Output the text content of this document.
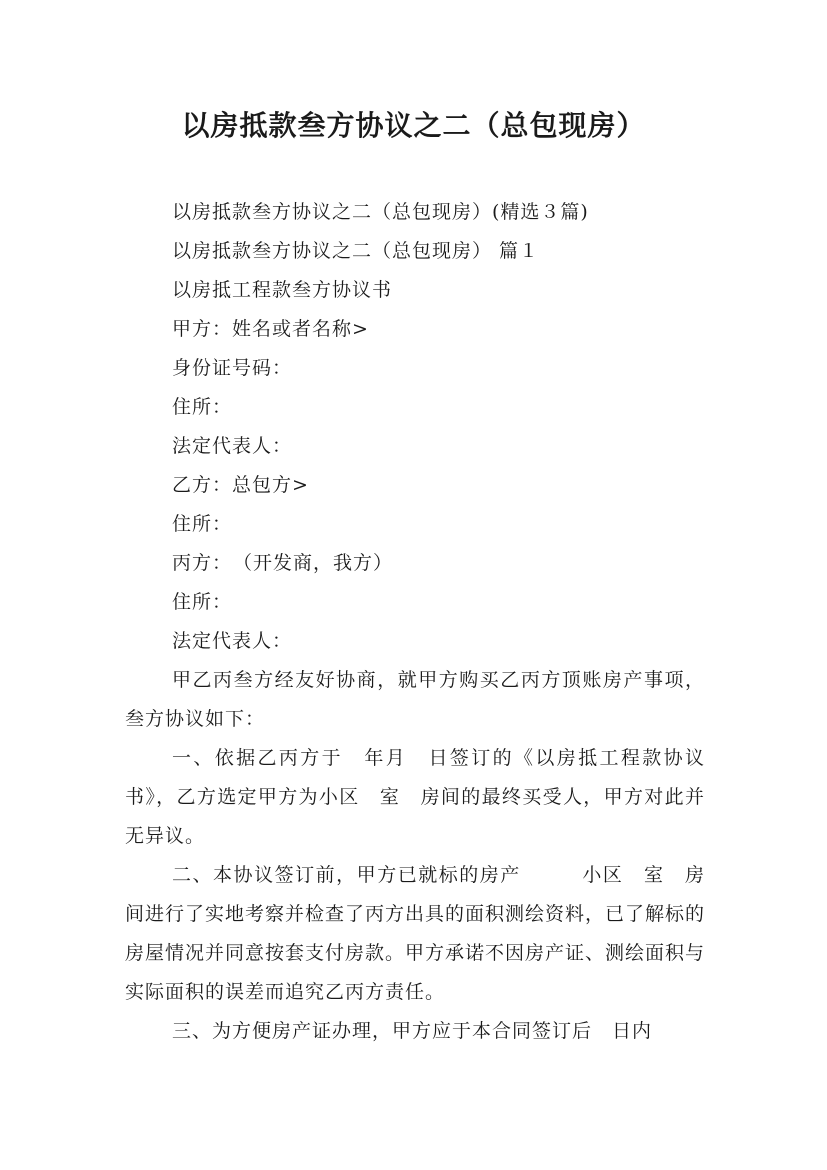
以房抵款叁方协议之二（总包现房）
以房抵款叁方协议之二（总包现房）(精选３篇)
以房抵款叁方协议之二（总包现房） 篇１
以房抵工程款叁方协议书
甲方：姓名或者名称>
身份证号码：
住所：
法定代表人：
乙方：总包方>
住所：
丙方：　（开发商，我方）
住所：
法定代表人：

甲乙丙叁方经友好协商，就甲方购买乙丙方顶账房产事项，叁方协议如下：

一、依据乙丙方于　年月　日签订的《以房抵工程款协议书》，乙方选定甲方为小区　室　房间的最终买受人，甲方对此并无异议。

二、本协议签订前，甲方已就标的房产　　　小区　室　房间进行了实地考察并检查了丙方出具的面积测绘资料，已了解标的房屋情况并同意按套支付房款。甲方承诺不因房产证、测绘面积与实际面积的误差而追究乙丙方责任。

三、为方便房产证办理，甲方应于本合同签订后　日内
